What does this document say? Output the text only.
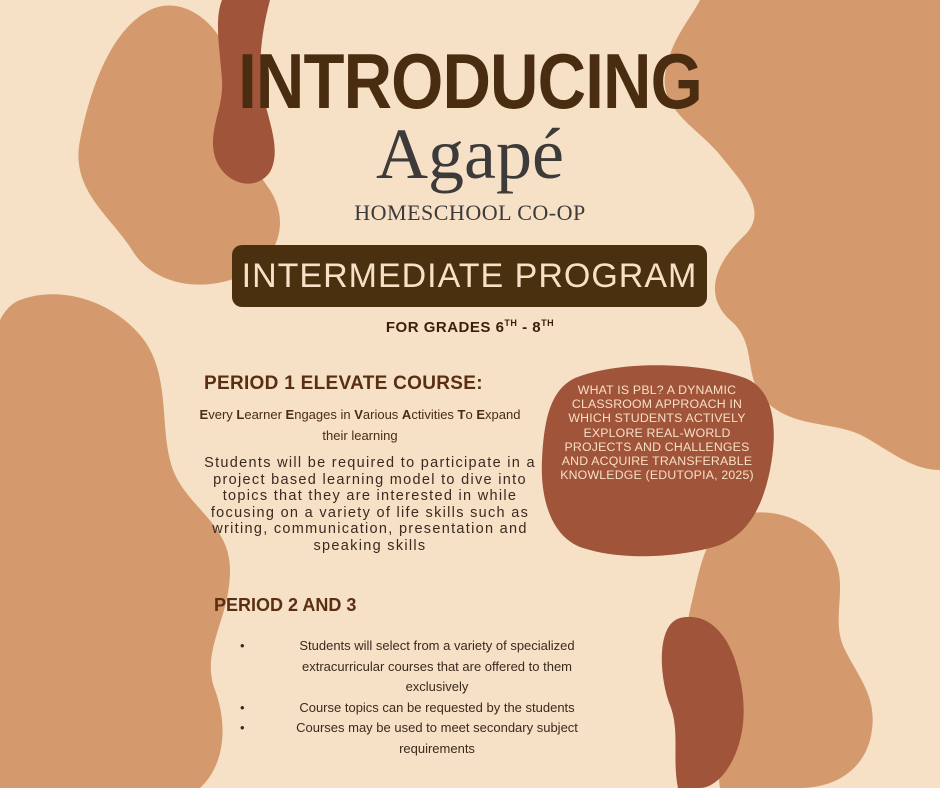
INTRODUCING
Agapé
HOMESCHOOL CO-OP
INTERMEDIATE PROGRAM
FOR GRADES 6TH - 8TH
PERIOD 1 ELEVATE COURSE:
Every Learner Engages in Various Activities To Expand
their learning
Students will be required to participate in a project based learning model to dive into topics that they are interested in while focusing on a variety of life skills such as writing, communication, presentation and speaking skills
PERIOD 2 AND 3
•	Students will select from a variety of specialized extracurricular courses that are offered to them exclusively
•	Course topics can be requested by the students
•	Courses may be used to meet secondary subject requirements
WHAT IS PBL? A DYNAMIC CLASSROOM APPROACH IN WHICH STUDENTS ACTIVELY EXPLORE REAL-WORLD PROJECTS AND CHALLENGES AND ACQUIRE TRANSFERABLE KNOWLEDGE (EDUTOPIA, 2025)
